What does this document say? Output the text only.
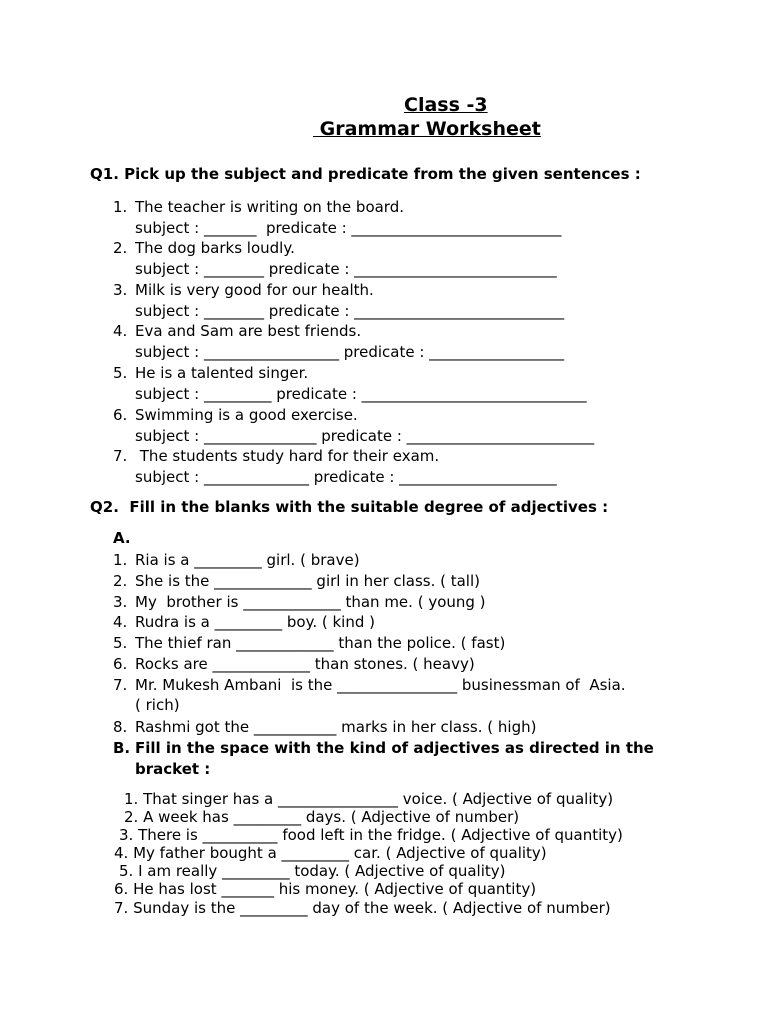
Class -3
Grammar Worksheet
Q1. Pick up the subject and predicate from the given sentences :
1. The teacher is writing on the board.
subject : _______  predicate : ____________________________
2. The dog barks loudly.
subject : ________ predicate : ___________________________
3. Milk is very good for our health.
subject : ________ predicate : ____________________________
4. Eva and Sam are best friends.
subject : __________________ predicate : __________________
5. He is a talented singer.
subject : _________ predicate : ______________________________
6. Swimming is a good exercise.
subject : _______________ predicate : _________________________
7. The students study hard for their exam.
subject : ______________ predicate : _____________________
Q2.  Fill in the blanks with the suitable degree of adjectives :
A.
1. Ria is a _________ girl. ( brave)
2. She is the _____________ girl in her class. ( tall)
3. My  brother is _____________ than me. ( young )
4. Rudra is a _________ boy. ( kind )
5. The thief ran _____________ than the police. ( fast)
6. Rocks are _____________ than stones. ( heavy)
7. Mr. Mukesh Ambani  is the ________________ businessman of  Asia.
( rich)
8. Rashmi got the ___________ marks in her class. ( high)
B. Fill in the space with the kind of adjectives as directed in the
bracket :
1. That singer has a ________________ voice. ( Adjective of quality)
2. A week has _________ days. ( Adjective of number)
3. There is __________ food left in the fridge. ( Adjective of quantity)
4. My father bought a _________ car. ( Adjective of quality)
5. I am really _________ today. ( Adjective of quality)
6. He has lost _______ his money. ( Adjective of quantity)
7. Sunday is the _________ day of the week. ( Adjective of number)
